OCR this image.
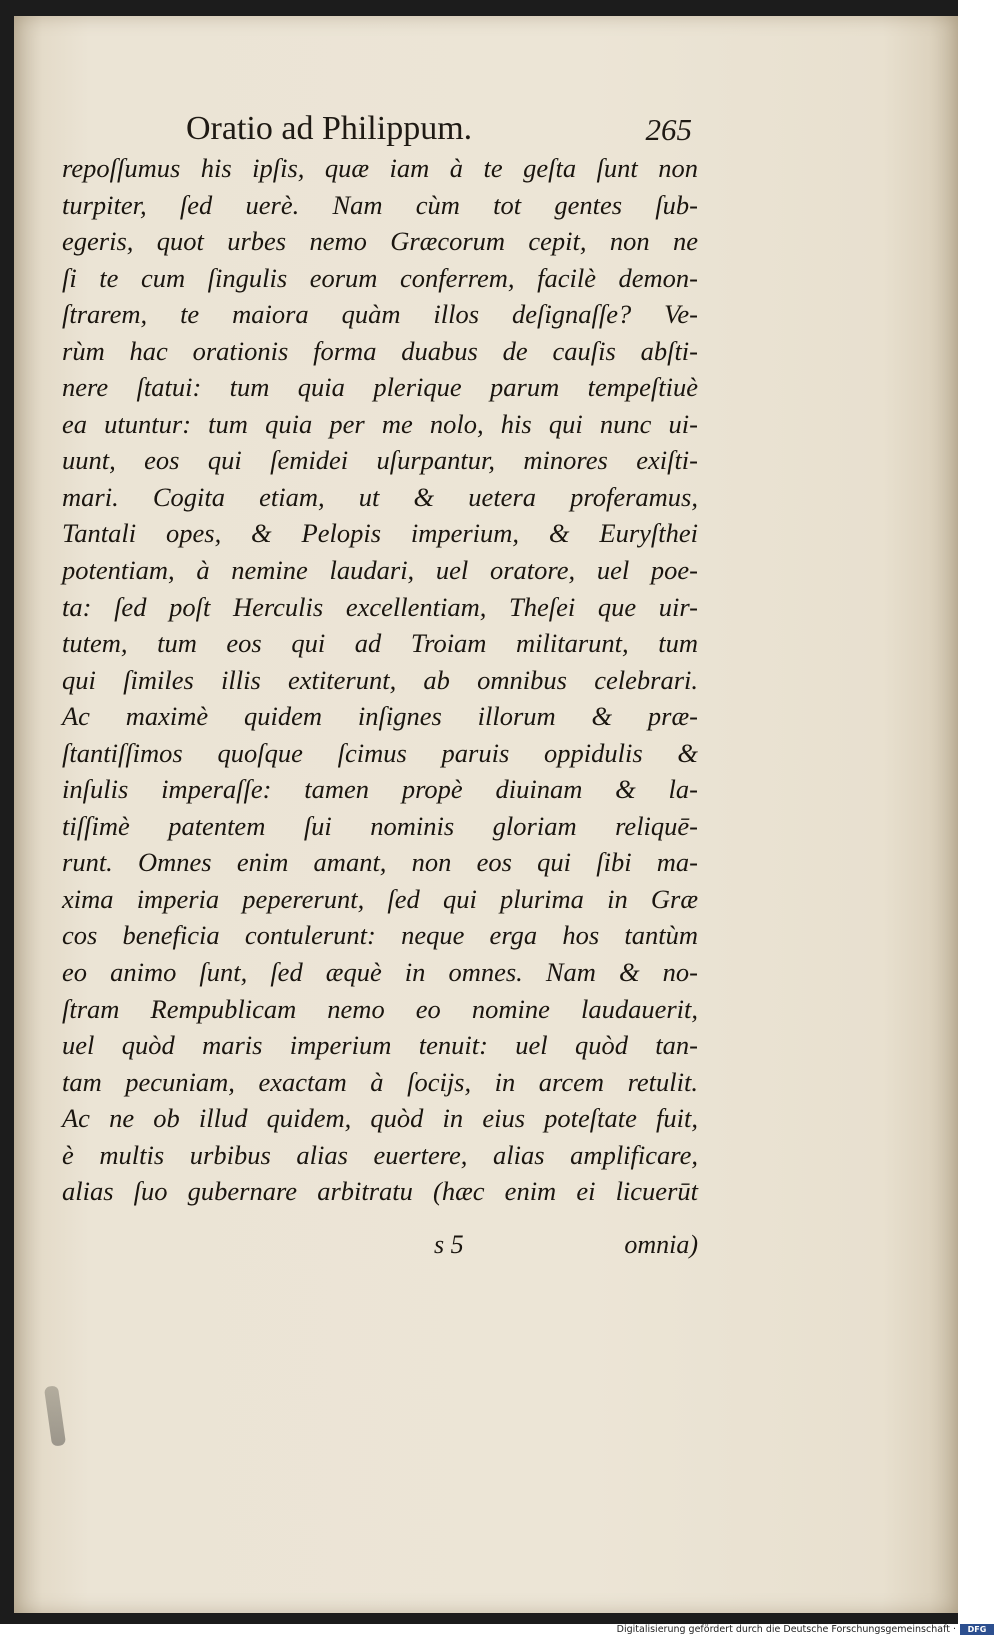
Oratio ad Philippum.	265
repoſſumus his ipſis, quæ iam à te geſta ſunt non
turpiter, ſed uerè. Nam cùm tot gentes ſub-
egeris, quot urbes nemo Græcorum cepit, non ne
ſi te cum ſingulis eorum conferrem, facilè demon-
ſtrarem, te maiora quàm illos deſignaſſe? Ve-
rùm hac orationis forma duabus de cauſis abſti-
nere ſtatui: tum quia plerique parum tempeſtiuè
ea utuntur: tum quia per me nolo, his qui nunc ui-
uunt, eos qui ſemidei uſurpantur, minores exiſti-
mari. Cogita etiam, ut & uetera proferamus,
Tantali opes, & Pelopis imperium, & Euryſthei
potentiam, à nemine laudari, uel oratore, uel poe-
ta: ſed poſt Herculis excellentiam, Theſei que uir-
tutem, tum eos qui ad Troiam militarunt, tum
qui ſimiles illis extiterunt, ab omnibus celebrari.
Ac maximè quidem inſignes illorum & præ-
ſtantiſſimos quoſque ſcimus paruis oppidulis &
inſulis imperaſſe: tamen propè diuinam & la-
tiſſimè patentem ſui nominis gloriam reliquē-
runt. Omnes enim amant, non eos qui ſibi ma-
xima imperia pepererunt, ſed qui plurima in Græ
cos beneficia contulerunt: neque erga hos tantùm
eo animo ſunt, ſed æquè in omnes. Nam & no-
ſtram Rempublicam nemo eo nomine laudauerit,
uel quòd maris imperium tenuit: uel quòd tan-
tam pecuniam, exactam à ſocijs, in arcem retulit.
Ac ne ob illud quidem, quòd in eius poteſtate fuit,
è multis urbibus alias euertere, alias amplificare,
alias ſuo gubernare arbitratu (hæc enim ei licuerūt
s 5	omnia)
Digitalisierung gefördert durch die Deutsche Forschungsgemeinschaft ·	DFG
